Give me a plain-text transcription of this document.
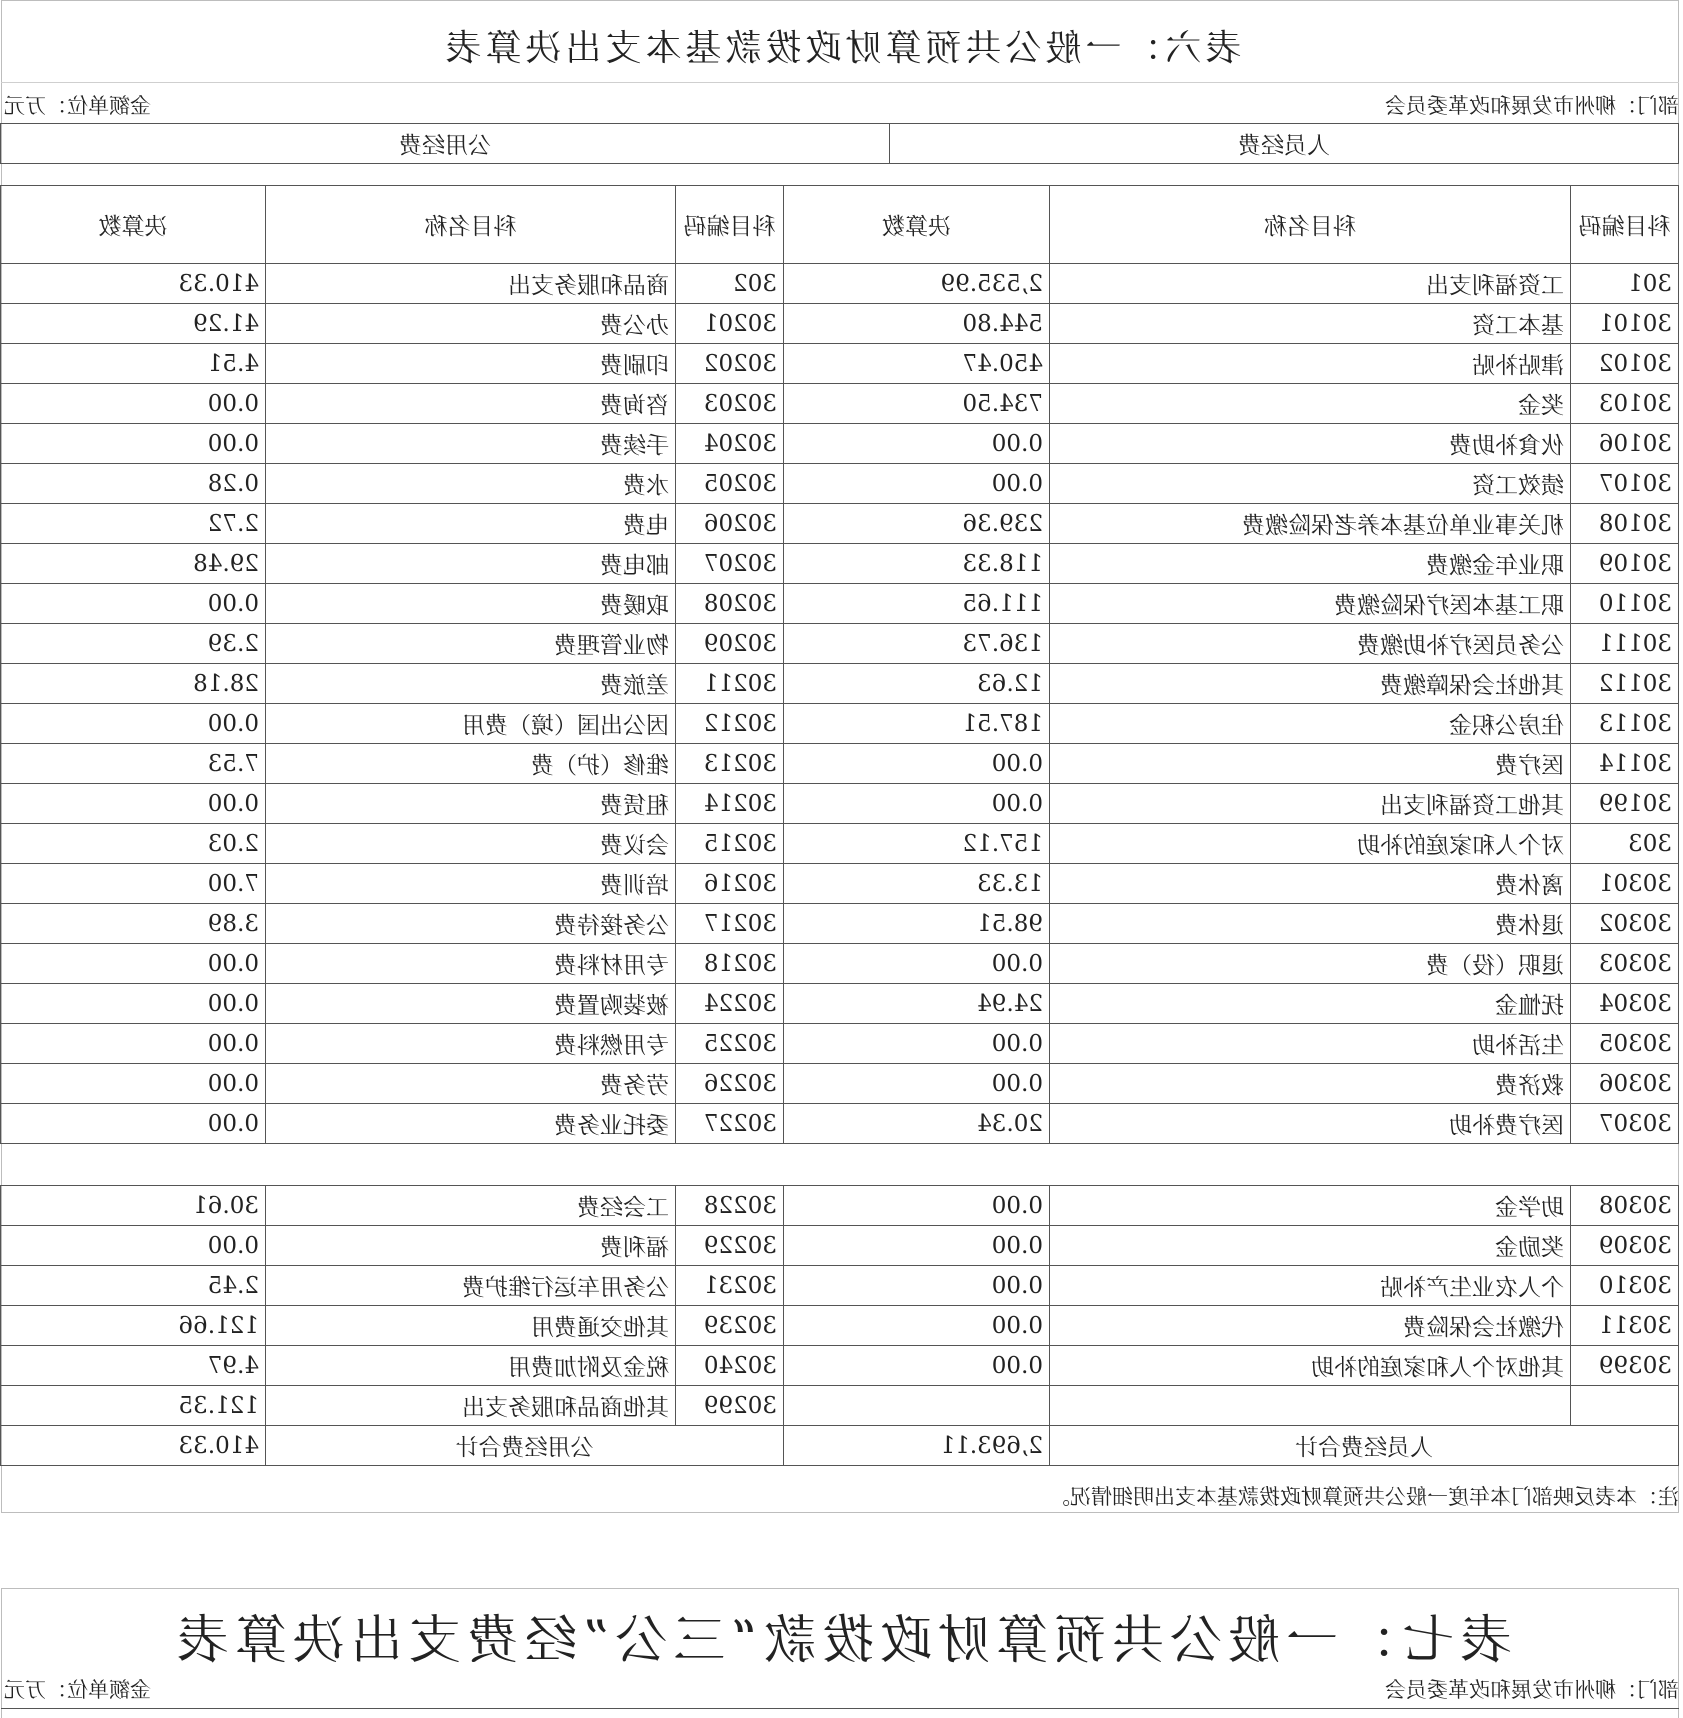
表六：一般公共预算财政拨款基本支出决算表
部门：柳州市发展和改革委员会
金额单位：万元
人员经费	公用经费
科目编码	科目名称	决算数	科目编码	科目名称	决算数
301	工资福利支出	2,535.99	302	商品和服务支出	410.33
30101	基本工资	544.80	30201	办公费	41.29
30102	津贴补贴	450.47	30202	印刷费	4.51
30103	奖金	734.50	30203	咨询费	0.00
30106	伙食补助费	0.00	30204	手续费	0.00
30107	绩效工资	0.00	30205	水费	0.28
30108	机关事业单位基本养老保险缴费	239.36	30206	电费	2.72
30109	职业年金缴费	118.33	30207	邮电费	29.48
30110	职工基本医疗保险缴费	111.65	30208	取暖费	0.00
30111	公务员医疗补助缴费	136.73	30209	物业管理费	2.39
30112	其他社会保障缴费	12.63	30211	差旅费	28.18
30113	住房公积金	187.51	30212	因公出国（境）费用	0.00
30114	医疗费	0.00	30213	维修（护）费	7.53
30199	其他工资福利支出	0.00	30214	租赁费	0.00
303	对个人和家庭的补助	157.12	30215	会议费	2.03
30301	离休费	13.33	30216	培训费	7.00
30302	退休费	98.51	30217	公务接待费	3.89
30303	退职（役）费	0.00	30218	专用材料费	0.00
30304	抚恤金	24.94	30224	被装购置费	0.00
30305	生活补助	0.00	30225	专用燃料费	0.00
30306	救济费	0.00	30226	劳务费	0.00
30307	医疗费补助	20.34	30227	委托业务费	0.00
30308	助学金	0.00	30228	工会经费	30.61
30309	奖励金	0.00	30229	福利费	0.00
30310	个人农业生产补贴	0.00	30231	公务用车运行维护费	2.45
30311	代缴社会保险费	0.00	30239	其他交通费用	121.66
30399	其他对个人和家庭的补助	0.00	30240	税金及附加费用	4.97
			30299	其他商品和服务支出	121.35
人员经费合计		2,693.11	公用经费合计		410.33
注：本表反映部门本年度一般公共预算财政拨款基本支出明细情况。
表七：一般公共预算财政拨款“三公”经费支出决算表
部门：柳州市发展和改革委员会
金额单位：万元
